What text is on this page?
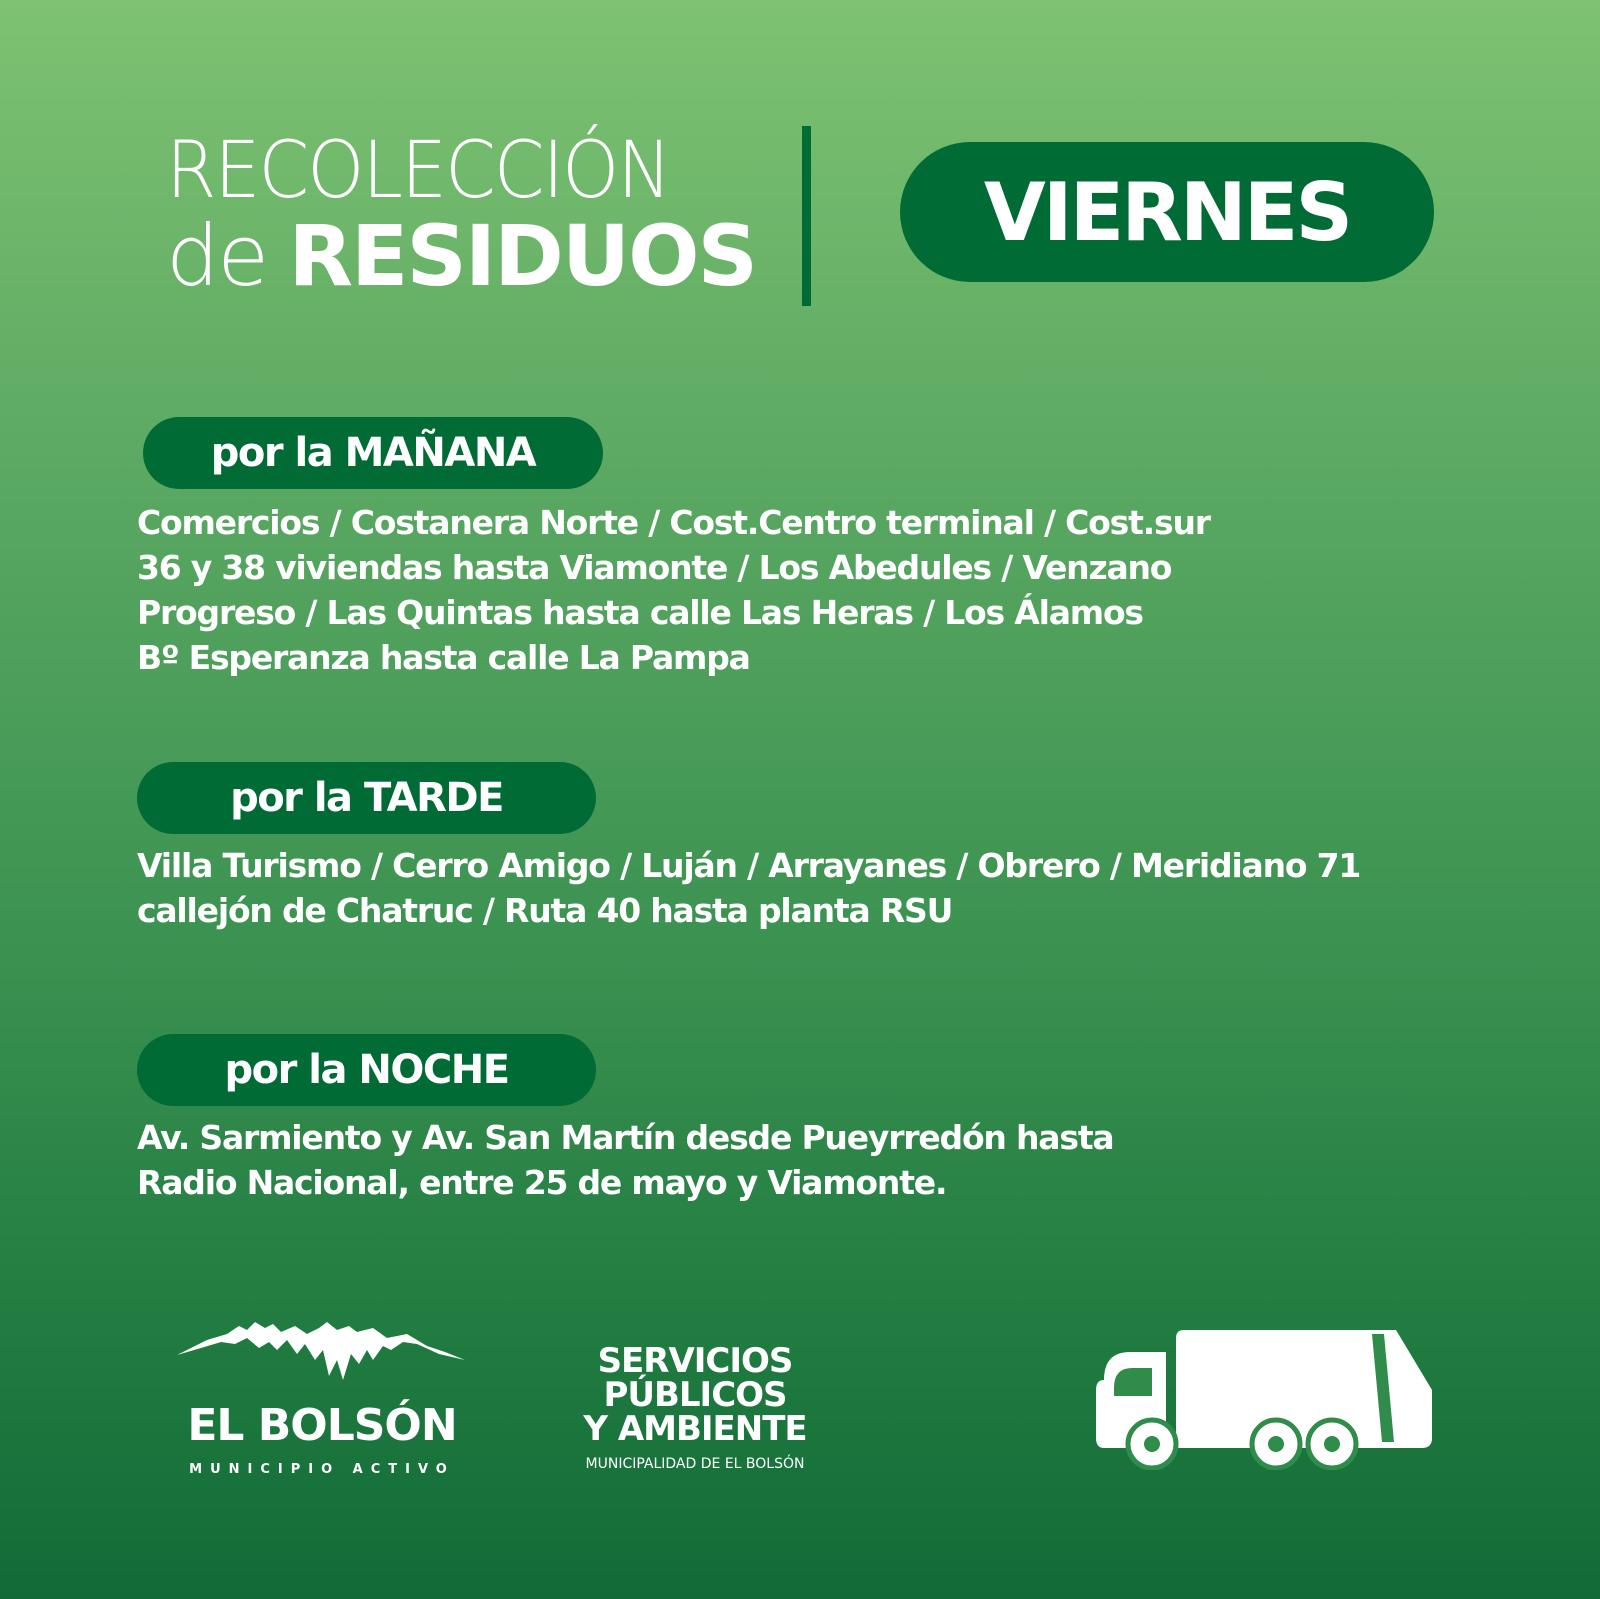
RECOLECCIÓN
de RESIDUOS	VIERNES
por la MAÑANA
Comercios / Costanera Norte / Cost.Centro terminal / Cost.sur
36 y 38 viviendas hasta Viamonte / Los Abedules / Venzano
Progreso / Las Quintas hasta calle Las Heras / Los Álamos
Bº Esperanza hasta calle La Pampa
por la TARDE
Villa Turismo / Cerro Amigo / Luján / Arrayanes / Obrero / Meridiano 71
callejón de Chatruc / Ruta 40 hasta planta RSU
por la NOCHE
Av. Sarmiento y Av. San Martín desde Pueyrredón hasta
Radio Nacional, entre 25 de mayo y Viamonte.
EL BOLSÓN
MUNICIPIO ACTIVO
SERVICIOS
PÚBLICOS
Y AMBIENTE
MUNICIPALIDAD DE EL BOLSÓN
